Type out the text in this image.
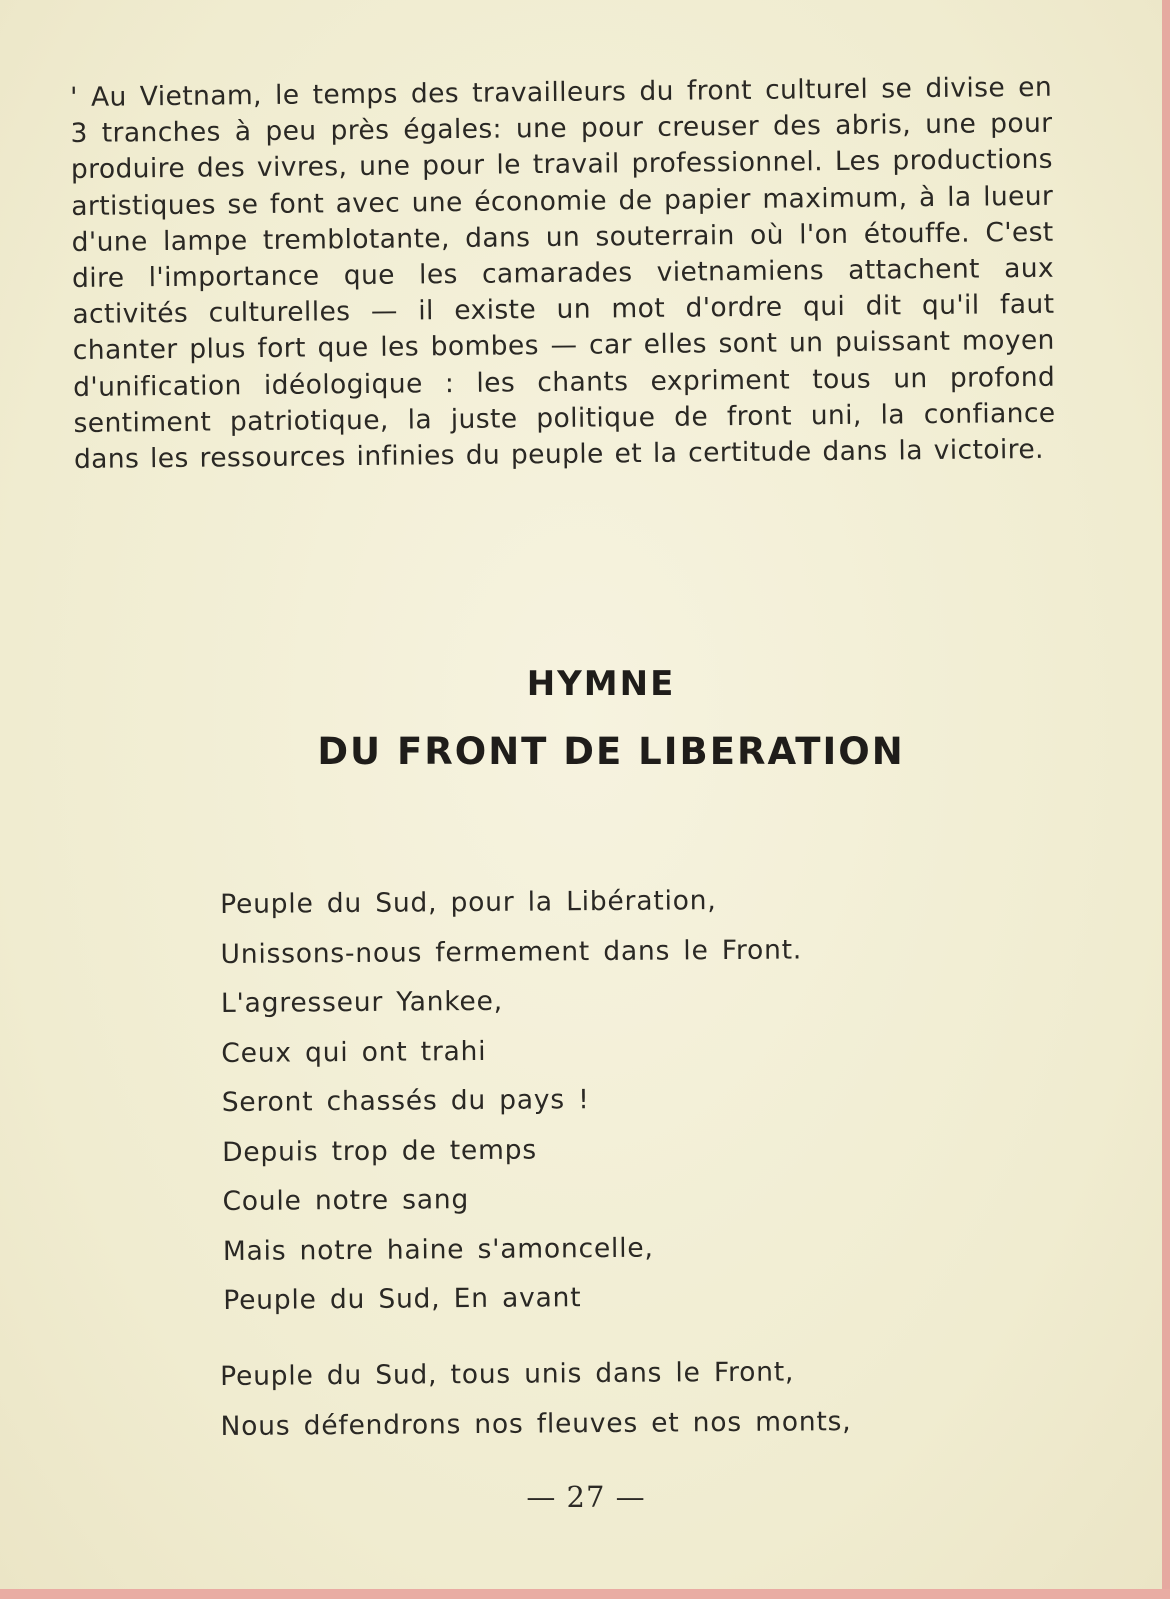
' Au Vietnam, le temps des travailleurs du front culturel se divise en 3 tranches à peu près égales: une pour creuser des abris, une pour produire des vivres, une pour le travail professionnel. Les productions artistiques se font avec une économie de papier maximum, à la lueur d'une lampe tremblotante, dans un souterrain où l'on étouffe. C'est dire l'importance que les camarades vietnamiens attachent aux activités culturelles — il existe un mot d'ordre qui dit qu'il faut chanter plus fort que les bombes — car elles sont un puissant moyen d'unification idéologique : les chants expriment tous un profond sentiment patriotique, la juste politique de front uni, la confiance dans les ressources infinies du peuple et la certitude dans la victoire.

HYMNE
DU FRONT DE LIBERATION
Peuple du Sud, pour la Libération,
Unissons-nous fermement dans le Front.
L'agresseur Yankee,
Ceux qui ont trahi
Seront chassés du pays !
Depuis trop de temps
Coule notre sang
Mais notre haine s'amoncelle,
Peuple du Sud, En avant
Peuple du Sud, tous unis dans le Front,
Nous défendrons nos fleuves et nos monts,

— 27 —
